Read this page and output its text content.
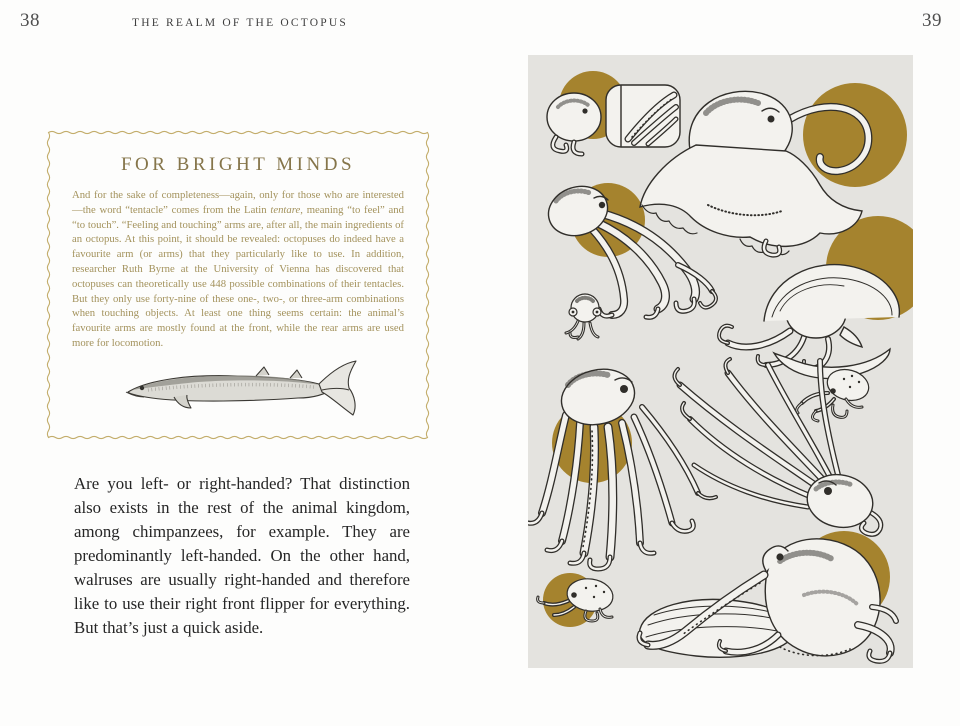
38	THE REALM OF THE OCTOPUS	39
FOR BRIGHT MINDS

And for the sake of completeness—again, only for those who are interested—the word “tentacle” comes from the Latin tentare, meaning “to feel” and “to touch”. “Feeling and touching” arms are, after all, the main ingredients of an octopus. At this point, it should be revealed: octopuses do indeed have a favourite arm (or arms) that they particularly like to use. In addition, researcher Ruth Byrne at the University of Vienna has discovered that octopuses can theoretically use 448 possible combinations of their tentacles. But they only use forty-nine of these one-, two-, or three-arm combinations when touching objects. At least one thing seems certain: the animal’s favourite arms are mostly found at the front, while the rear arms are used more for locomotion.

Are you left- or right-handed? That distinction also exists in the rest of the animal kingdom, among chimpanzees, for example. They are predominantly left-handed. On the other hand, walruses are usually right-handed and therefore like to use their right front flipper for everything. But that’s just a quick aside.
